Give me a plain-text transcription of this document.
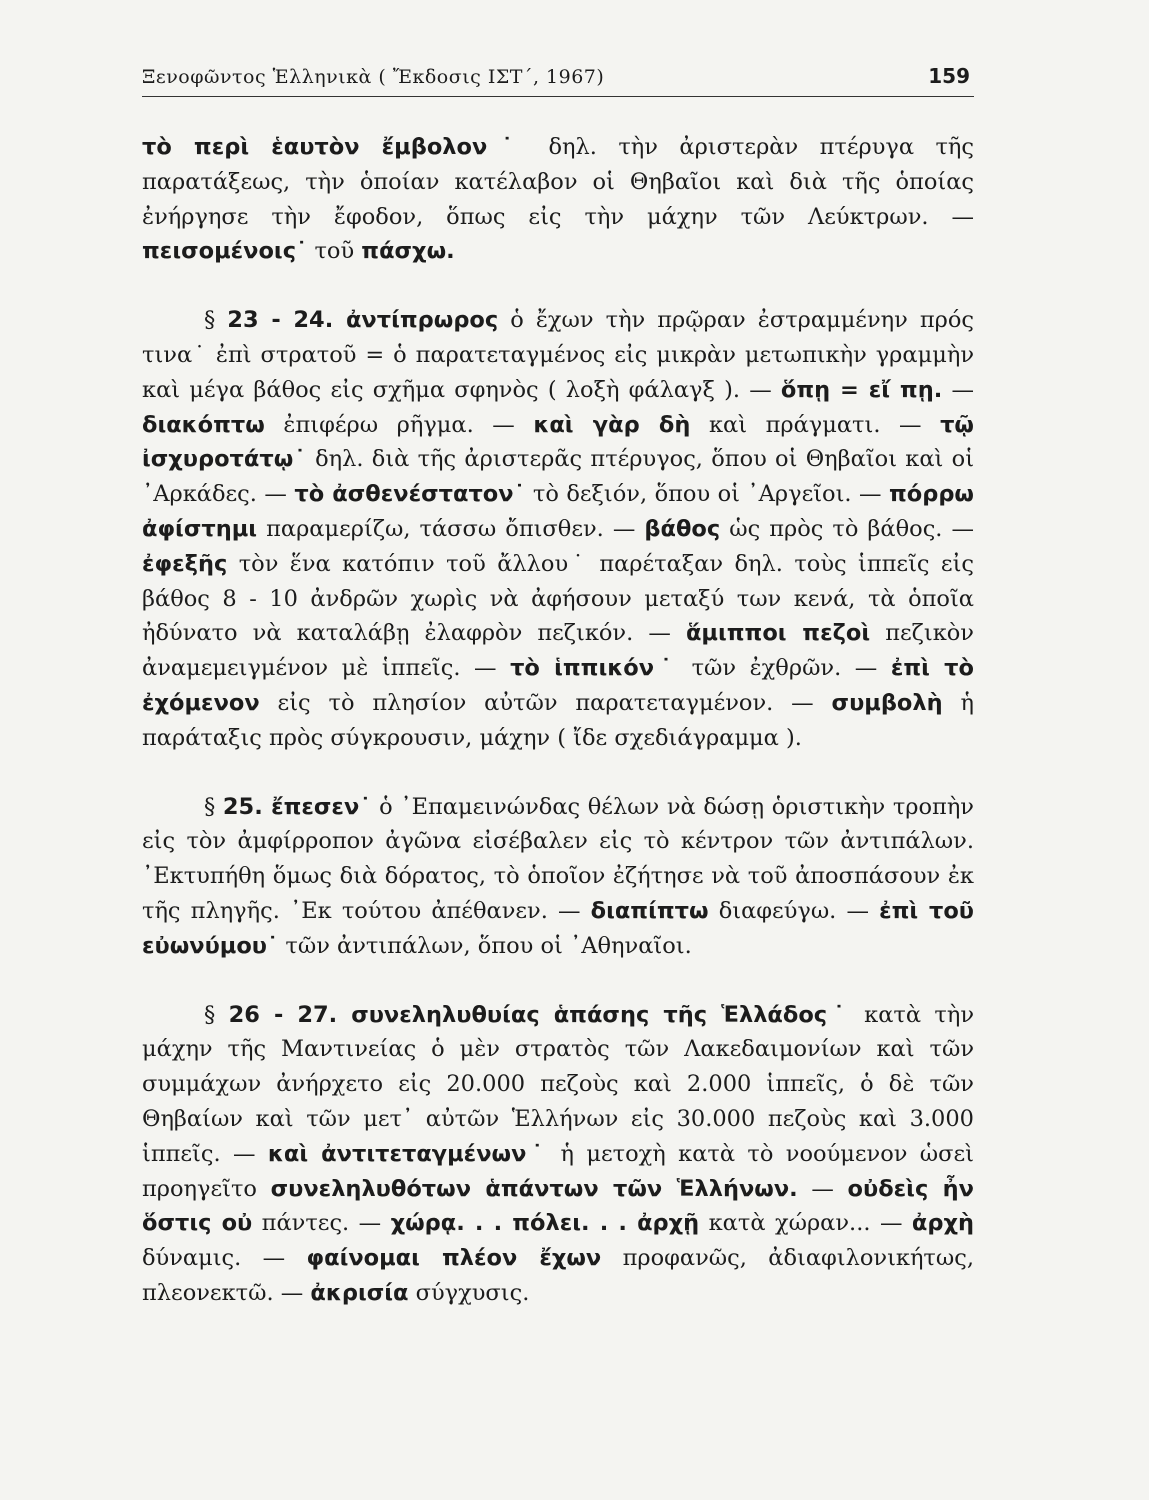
Ξενοφῶντος Ἑλληνικὰ ( Ἔκδοσις ΙΣΤ΄, 1967)	159

τὸ περὶ ἑαυτὸν ἔμβολον˙ δηλ. τὴν ἀριστερὰν πτέρυγα τῆς παρατάξεως, τὴν ὁποίαν κατέλαβον οἱ Θηβαῖοι καὶ διὰ τῆς ὁποίας ἐνήργησε τὴν ἔφοδον, ὅπως εἰς τὴν μάχην τῶν Λεύκτρων. — πεισομένοις˙ τοῦ πάσχω.

§ 23 - 24. ἀντίπρωρος ὁ ἔχων τὴν πρῷραν ἐστραμμένην πρός τινα˙ ἐπὶ στρατοῦ = ὁ παρατεταγμένος εἰς μικρὰν μετωπικὴν γραμμὴν καὶ μέγα βάθος εἰς σχῆμα σφηνὸς ( λοξὴ φάλαγξ ). — ὅπῃ = εἴ πῃ. — διακόπτω ἐπιφέρω ρῆγμα. — καὶ γὰρ δὴ καὶ πράγματι. — τῷ ἰσχυροτάτῳ˙ δηλ. διὰ τῆς ἀριστερᾶς πτέρυγος, ὅπου οἱ Θηβαῖοι καὶ οἱ ᾿Αρκάδες. — τὸ ἀσθενέστατον˙ τὸ δεξιόν, ὅπου οἱ ᾿Αργεῖοι. — πόρρω ἀφίστημι παραμερίζω, τάσσω ὄπισθεν. — βάθος ὡς πρὸς τὸ βάθος. — ἐφεξῆς τὸν ἕνα κατόπιν τοῦ ἄλλου˙ παρέταξαν δηλ. τοὺς ἱππεῖς εἰς βάθος 8 - 10 ἀνδρῶν χωρὶς νὰ ἀφήσουν μεταξύ των κενά, τὰ ὁποῖα ἠδύνατο νὰ καταλάβῃ ἐλαφρὸν πεζικόν. — ἅμιπποι πεζοὶ πεζικὸν ἀναμεμειγμένον μὲ ἱππεῖς. — τὸ ἱππικόν˙ τῶν ἐχθρῶν. — ἐπὶ τὸ ἐχόμενον εἰς τὸ πλησίον αὐτῶν παρατεταγμένον. — συμβολὴ ἡ παράταξις πρὸς σύγκρουσιν, μάχην ( ἴδε σχεδιάγραμμα ).

§ 25. ἔπεσεν˙ ὁ ᾿Επαμεινώνδας θέλων νὰ δώσῃ ὁριστικὴν τροπὴν εἰς τὸν ἀμφίρροπον ἀγῶνα εἰσέβαλεν εἰς τὸ κέντρον τῶν ἀντιπάλων. ᾿Εκτυπήθη ὅμως διὰ δόρατος, τὸ ὁποῖον ἐζήτησε νὰ τοῦ ἀποσπάσουν ἐκ τῆς πληγῆς. ᾿Εκ τούτου ἀπέθανεν. — διαπίπτω διαφεύγω. — ἐπὶ τοῦ εὐωνύμου˙ τῶν ἀντιπάλων, ὅπου οἱ ᾿Αθηναῖοι.

§ 26 - 27. συνεληλυθυίας ἁπάσης τῆς Ἑλλάδος˙ κατὰ τὴν μάχην τῆς Μαντινείας ὁ μὲν στρατὸς τῶν Λακεδαιμονίων καὶ τῶν συμμάχων ἀνήρχετο εἰς 20.000 πεζοὺς καὶ 2.000 ἱππεῖς, ὁ δὲ τῶν Θηβαίων καὶ τῶν μετ᾿ αὐτῶν Ἑλλήνων εἰς 30.000 πεζοὺς καὶ 3.000 ἱππεῖς. — καὶ ἀντιτεταγμένων˙ ἡ μετοχὴ κατὰ τὸ νοούμενον ὡσεὶ προηγεῖτο συνεληλυθότων ἁπάντων τῶν Ἑλλήνων. — οὐδεὶς ἦν ὅστις οὐ πάντες. — χώρᾳ. . . πόλει. . . ἀρχῇ κατὰ χώραν... — ἀρχὴ δύναμις. — φαίνομαι πλέον ἔχων προφανῶς, ἀδιαφιλονικήτως, πλεονεκτῶ. — ἀκρισία σύγχυσις.
